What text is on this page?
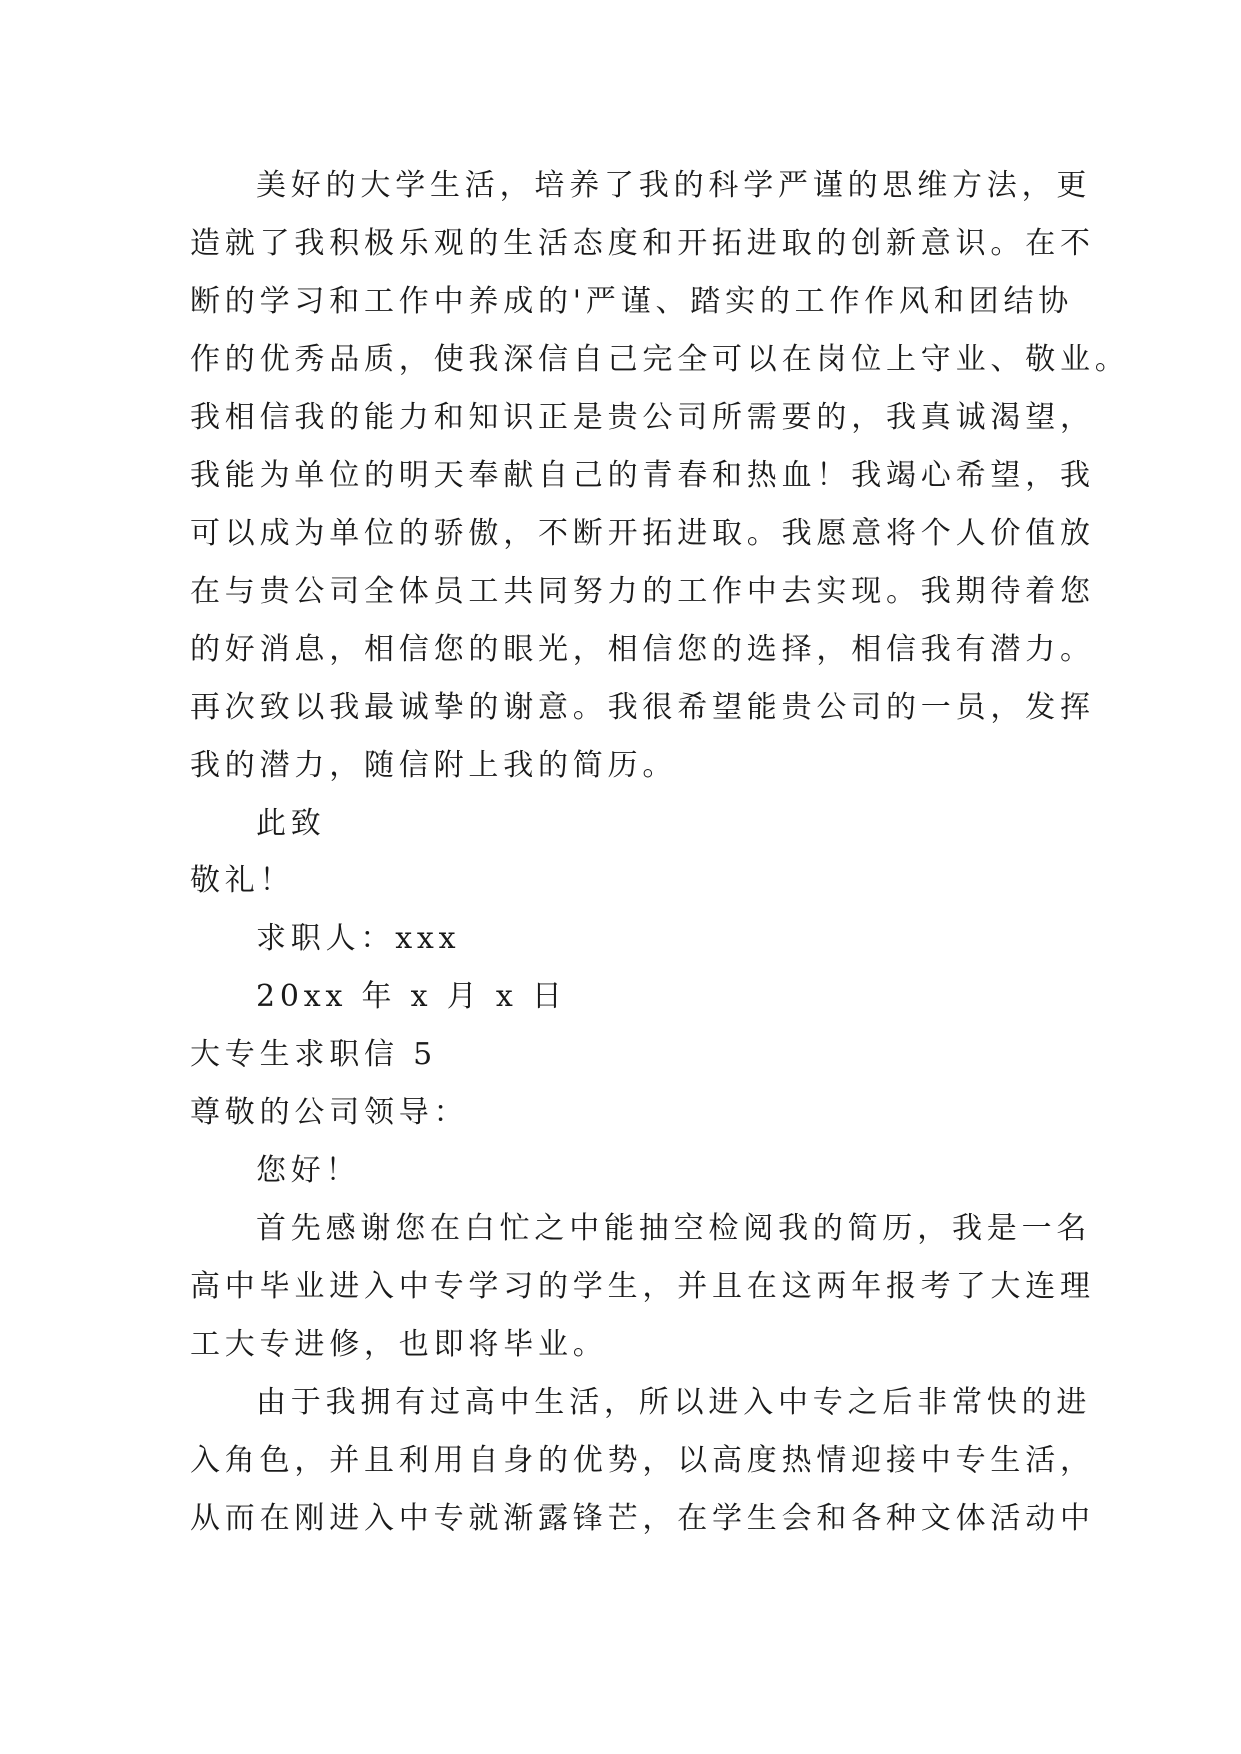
美好的大学生活，培养了我的科学严谨的思维方法，更
造就了我积极乐观的生活态度和开拓进取的创新意识。在不
断的学习和工作中养成的'严谨、踏实的工作作风和团结协
作的优秀品质，使我深信自己完全可以在岗位上守业、敬业。
我相信我的能力和知识正是贵公司所需要的，我真诚渴望，
我能为单位的明天奉献自己的青春和热血！我竭心希望，我
可以成为单位的骄傲，不断开拓进取。我愿意将个人价值放
在与贵公司全体员工共同努力的工作中去实现。我期待着您
的好消息，相信您的眼光，相信您的选择，相信我有潜力。
再次致以我最诚挚的谢意。我很希望能贵公司的一员，发挥
我的潜力，随信附上我的简历。
此致
敬礼！
求职人：xxx
20xx 年 x 月 x 日
大专生求职信 5
尊敬的公司领导：
您好！
首先感谢您在白忙之中能抽空检阅我的简历，我是一名
高中毕业进入中专学习的学生，并且在这两年报考了大连理
工大专进修，也即将毕业。
由于我拥有过高中生活，所以进入中专之后非常快的进
入角色，并且利用自身的优势，以高度热情迎接中专生活，
从而在刚进入中专就渐露锋芒，在学生会和各种文体活动中
